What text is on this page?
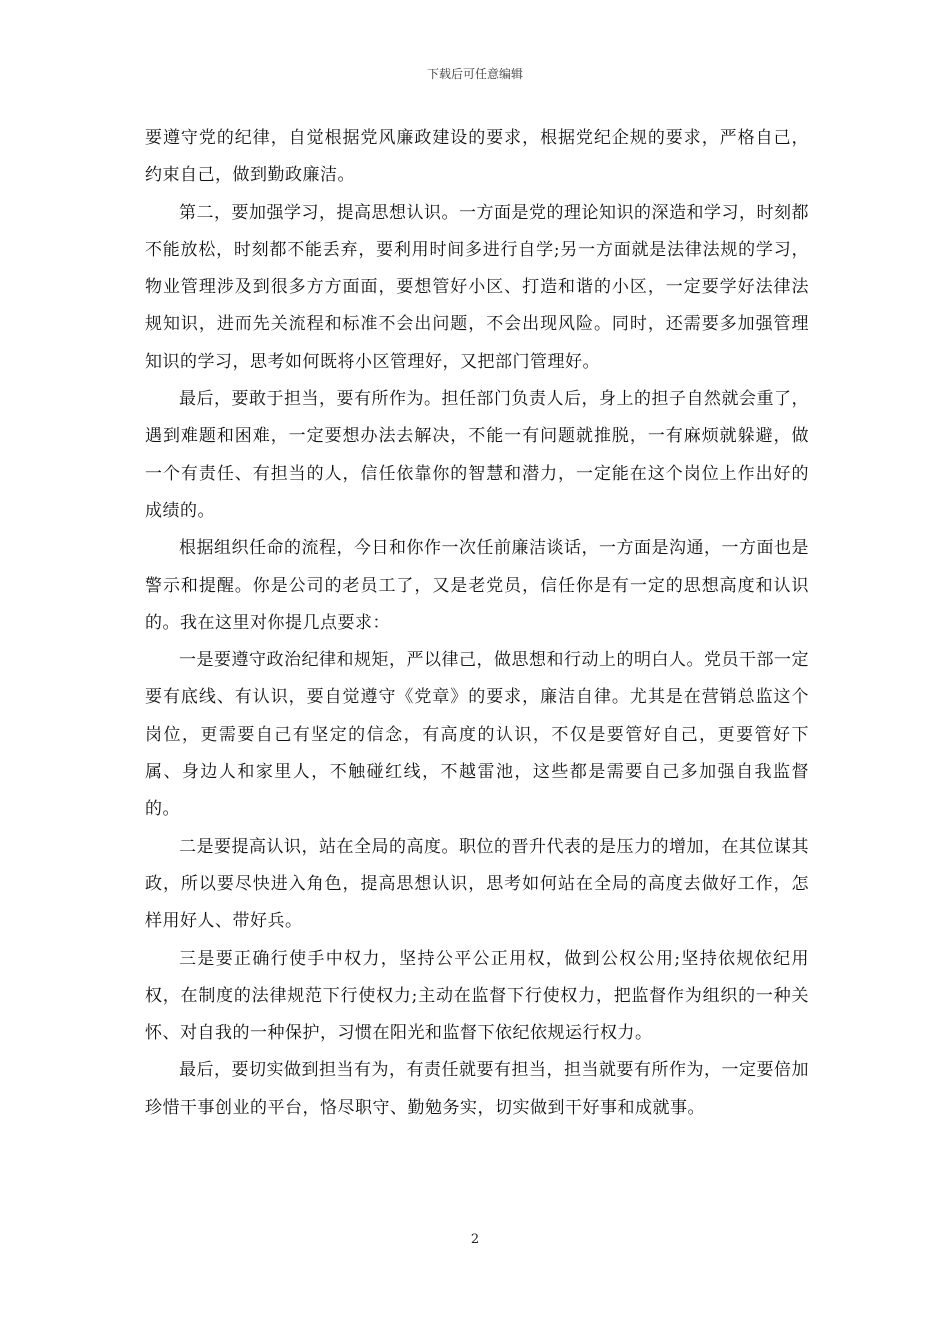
下载后可任意编辑

要遵守党的纪律，自觉根据党风廉政建设的要求，根据党纪企规的要求，严格自己，约束自己，做到勤政廉洁。

第二，要加强学习，提高思想认识。一方面是党的理论知识的深造和学习，时刻都不能放松，时刻都不能丢弃，要利用时间多进行自学;另一方面就是法律法规的学习，物业管理涉及到很多方方面面，要想管好小区、打造和谐的小区，一定要学好法律法规知识，进而先关流程和标准不会出问题，不会出现风险。同时，还需要多加强管理知识的学习，思考如何既将小区管理好，又把部门管理好。

最后，要敢于担当，要有所作为。担任部门负责人后，身上的担子自然就会重了，遇到难题和困难，一定要想办法去解决，不能一有问题就推脱，一有麻烦就躲避，做一个有责任、有担当的人，信任依靠你的智慧和潜力，一定能在这个岗位上作出好的成绩的。

根据组织任命的流程，今日和你作一次任前廉洁谈话，一方面是沟通，一方面也是警示和提醒。你是公司的老员工了，又是老党员，信任你是有一定的思想高度和认识的。我在这里对你提几点要求：

一是要遵守政治纪律和规矩，严以律己，做思想和行动上的明白人。党员干部一定要有底线、有认识，要自觉遵守《党章》的要求，廉洁自律。尤其是在营销总监这个岗位，更需要自己有坚定的信念，有高度的认识，不仅是要管好自己，更要管好下属、身边人和家里人，不触碰红线，不越雷池，这些都是需要自己多加强自我监督的。

二是要提高认识，站在全局的高度。职位的晋升代表的是压力的增加，在其位谋其政，所以要尽快进入角色，提高思想认识，思考如何站在全局的高度去做好工作，怎样用好人、带好兵。

三是要正确行使手中权力，坚持公平公正用权，做到公权公用;坚持依规依纪用权，在制度的法律规范下行使权力;主动在监督下行使权力，把监督作为组织的一种关怀、对自我的一种保护，习惯在阳光和监督下依纪依规运行权力。

最后，要切实做到担当有为，有责任就要有担当，担当就要有所作为，一定要倍加珍惜干事创业的平台，恪尽职守、勤勉务实，切实做到干好事和成就事。

2
